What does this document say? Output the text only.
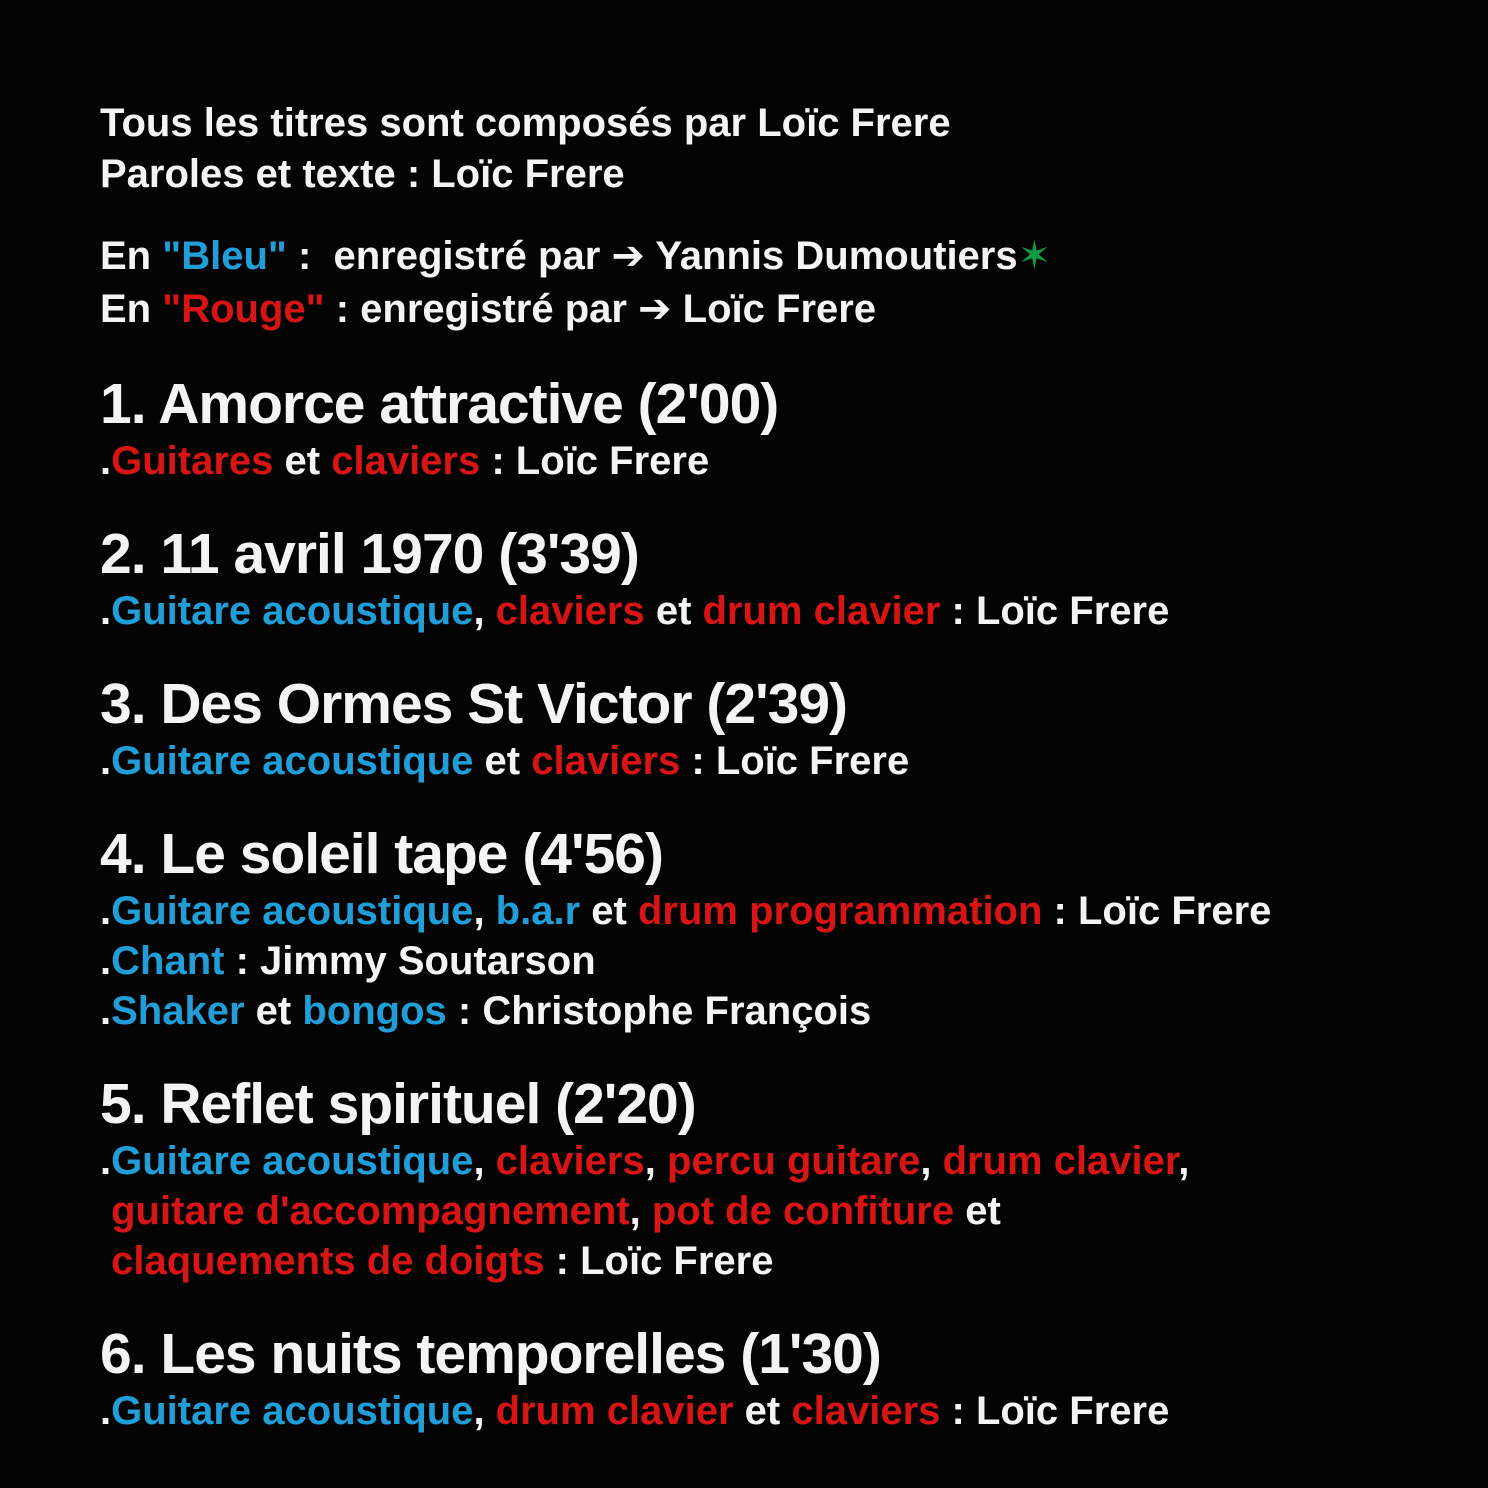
Tous les titres sont composés par Loïc Frere
Paroles et texte : Loïc Frere
En "Bleu" :  enregistré par ➔ Yannis Dumoutiers✶
En "Rouge" : enregistré par ➔ Loïc Frere
1. Amorce attractive (2'00)
.Guitares et claviers : Loïc Frere
2. 11 avril 1970 (3'39)
.Guitare acoustique, claviers et drum clavier : Loïc Frere
3. Des Ormes St Victor (2'39)
.Guitare acoustique et claviers : Loïc Frere
4. Le soleil tape (4'56)
.Guitare acoustique, b.a.r et drum programmation : Loïc Frere
.Chant : Jimmy Soutarson
.Shaker et bongos : Christophe François
5. Reflet spirituel (2'20)
.Guitare acoustique, claviers, percu guitare, drum clavier,
guitare d'accompagnement, pot de confiture et
claquements de doigts : Loïc Frere
6. Les nuits temporelles (1'30)
.Guitare acoustique, drum clavier et claviers : Loïc Frere
